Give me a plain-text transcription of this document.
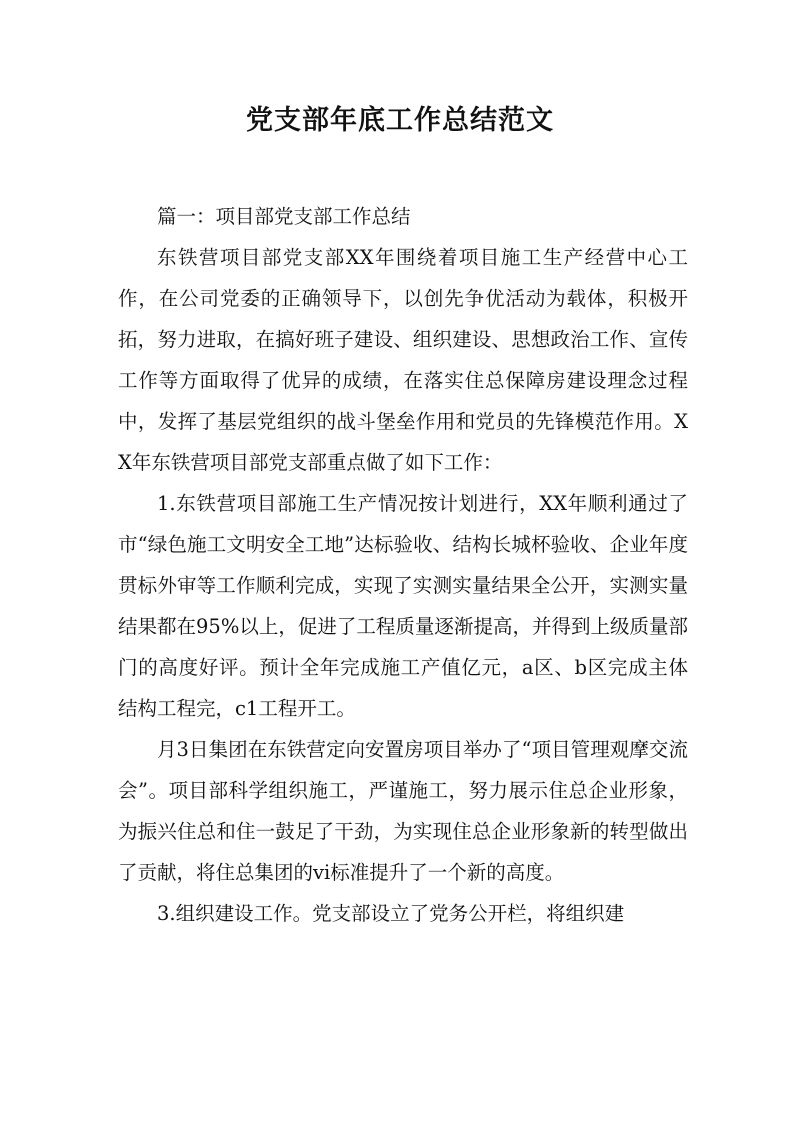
党支部年底工作总结范文

篇一：项目部党支部工作总结

东铁营项目部党支部XX年围绕着项目施工生产经营中心工作，在公司党委的正确领导下，以创先争优活动为载体，积极开拓，努力进取，在搞好班子建设、组织建设、思想政治工作、宣传工作等方面取得了优异的成绩，在落实住总保障房建设理念过程中，发挥了基层党组织的战斗堡垒作用和党员的先锋模范作用。XX年东铁营项目部党支部重点做了如下工作：

1.东铁营项目部施工生产情况按计划进行，XX年顺利通过了市“绿色施工文明安全工地”达标验收、结构长城杯验收、企业年度贯标外审等工作顺利完成，实现了实测实量结果全公开，实测实量结果都在95%以上，促进了工程质量逐渐提高，并得到上级质量部门的高度好评。预计全年完成施工产值亿元，a区、b区完成主体结构工程完，c1工程开工。

月3日集团在东铁营定向安置房项目举办了“项目管理观摩交流会”。项目部科学组织施工，严谨施工，努力展示住总企业形象，为振兴住总和住一鼓足了干劲，为实现住总企业形象新的转型做出了贡献，将住总集团的vi标准提升了一个新的高度。

3.组织建设工作。党支部设立了党务公开栏，将组织建
